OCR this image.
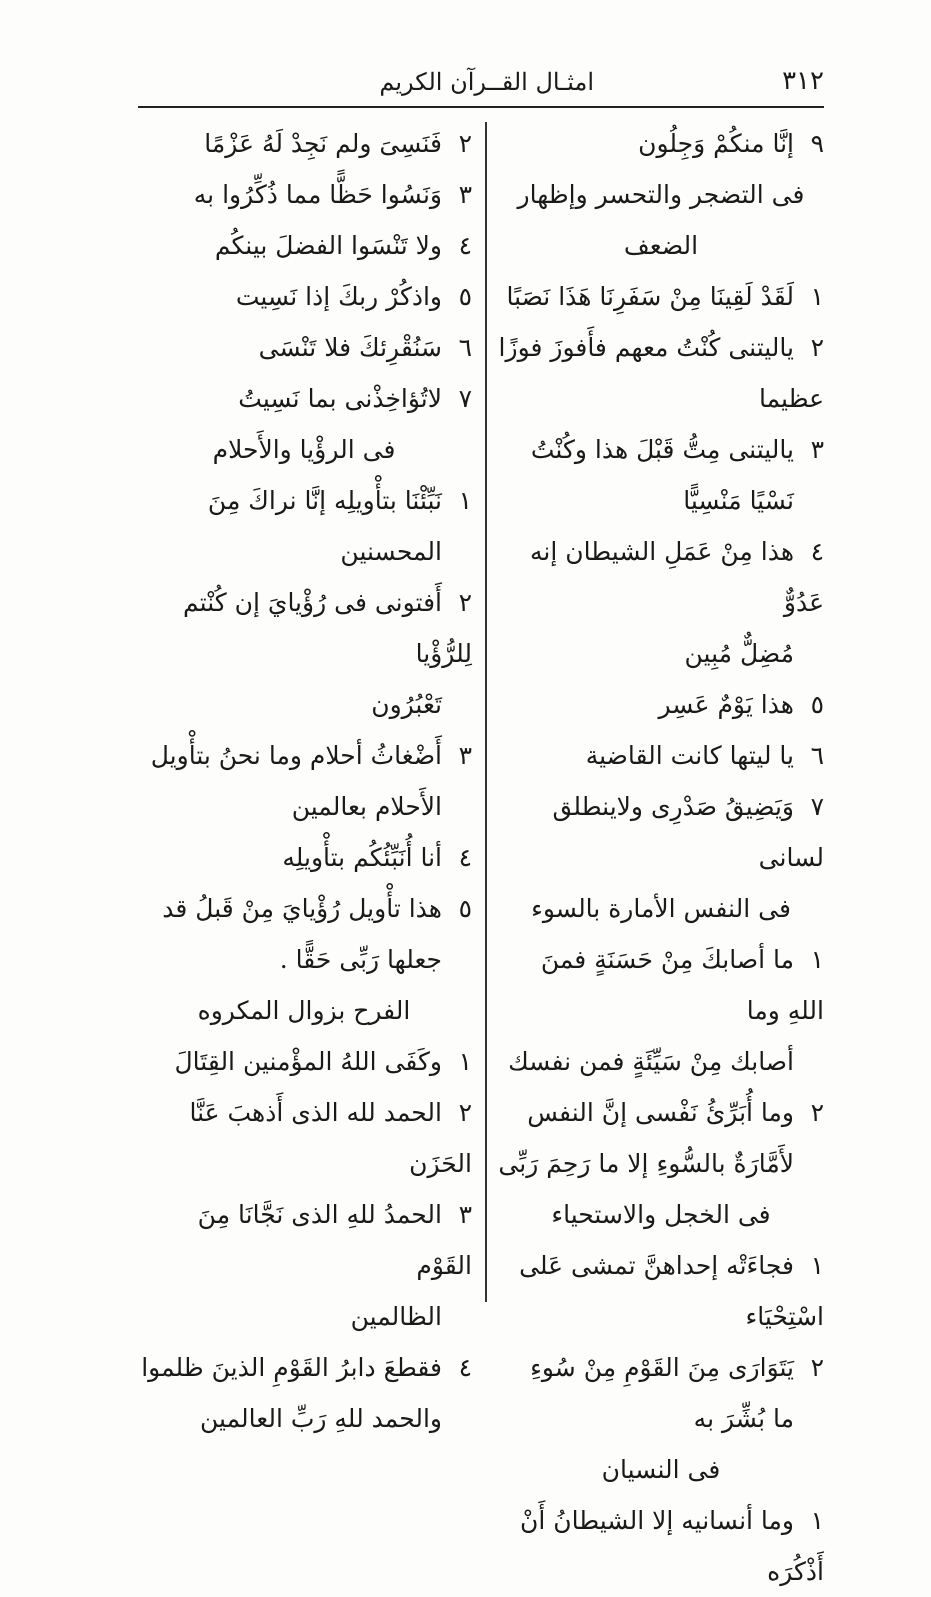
٣١٢
امثـال القــرآن الكريم
٩إنَّا منكُمْ وَجِلُون
فى التضجر والتحسر وإظهار الضعف
١لَقَدْ لَقِينَا مِنْ سَفَرِنَا هَذَا نَصَبًا
٢ياليتنى كُنْتُ معهم فأَفوزَ فوزًا عظيما
٣ياليتنى مِتُّ قَبْلَ هذا وكُنْتُ
نَسْيًا مَنْسِيًّا
٤هذا مِنْ عَمَلِ الشيطان إنه عَدُوٌّ
مُضِلٌّ مُبِين
٥هذا يَوْمٌ عَسِر
٦يا ليتها كانت القاضية
٧وَيَضِيقُ صَدْرِى ولاينطلق لسانى
فى النفس الأمارة بالسوء
١ما أصابكَ مِنْ حَسَنَةٍ فمنَ اللهِ وما
أصابك مِنْ سَيِّئَةٍ فمن نفسك
٢وما أُبَرِّئُ نَفْسى إنَّ النفس
لأَمَّارَةٌ بالسُّوءِ إلا ما رَحِمَ رَبِّى
فى الخجل والاستحياء
١فجاءَتْه إحداهنَّ تمشى عَلى اسْتِحْيَاء
٢يَتَوَارَى مِنَ القَوْمِ مِنْ سُوءِ
ما بُشِّرَ به
فى النسيان
١وما أنسانيه إلا الشيطانُ أَنْ أَذْكُرَه
٢فَنَسِىَ ولم نَجِدْ لَهُ عَزْمًا
٣وَنَسُوا حَظًّا مما ذُكِّرُوا به
٤ولا تَنْسَوا الفضلَ بينكُم
٥واذكُرْ ربكَ إذا نَسِيت
٦سَنُقْرِئكَ فلا تَنْسَى
٧لاتُؤاخِذْنى بما نَسِيتُ
فى الرؤْيا والأَحلام
١نَبِّئْنَا بتأْويلِه إنَّا نراكَ مِنَ
المحسنين
٢أَفتونى فى رُؤْيايَ إن كُنْتم لِلرُّؤْيا
تَعْبُرُون
٣أَضْغاثُ أحلام وما نحنُ بتأْويل
الأَحلام بعالمين
٤أنا أُنَبِّئُكُم بتأْويلِه
٥هذا تأْويل رُؤْيايَ مِنْ قَبلُ قد
جعلها رَبِّى حَقًّا .
الفرح بزوال المكروه
١وكَفَى اللهُ المؤْمنين القِتَالَ
٢الحمد لله الذى أَذهبَ عَنَّا الحَزَن
٣الحمدُ للهِ الذى نَجَّانَا مِنَ القَوْم
الظالمين
٤فقطعَ دابرُ القَوْمِ الذينَ ظلموا
والحمد للهِ رَبِّ العالمين
